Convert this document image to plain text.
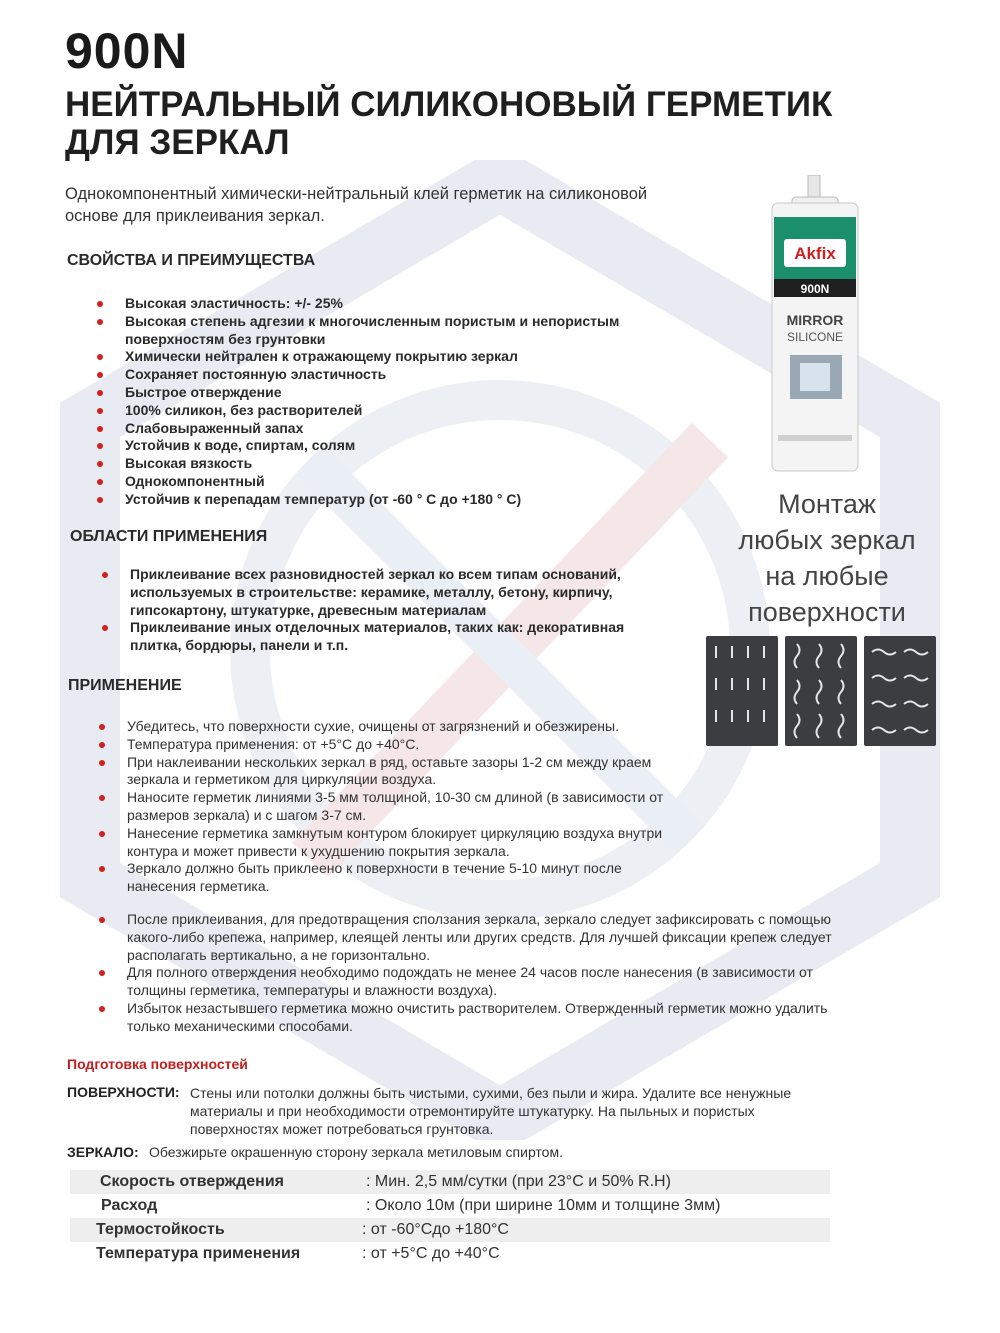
900N
НЕЙТРАЛЬНЫЙ СИЛИКОНОВЫЙ ГЕРМЕТИК
ДЛЯ ЗЕРКАЛ
Однокомпонентный химически-нейтральный клей герметик на силиконовой
основе для приклеивания зеркал.
СВОЙСТВА И ПРЕИМУЩЕСТВА
Высокая эластичность: +/- 25%
Высокая степень адгезии к многочисленным пористым и непористым поверхностям без грунтовки
Химически нейтрален к отражающему покрытию зеркал
Сохраняет постоянную эластичность
Быстрое отверждение
100% силикон, без растворителей
Слабовыраженный запах
Устойчив к воде, спиртам, солям
Высокая вязкость
Однокомпонентный
Устойчив к перепадам температур (от -60 ° C до +180 ° C)
ОБЛАСТИ ПРИМЕНЕНИЯ
Приклеивание всех разновидностей зеркал ко всем типам оснований, используемых в строительстве: керамике, металлу, бетону, кирпичу, гипсокартону, штукатурке, древесным материалам
Приклеивание иных отделочных материалов, таких как: декоративная плитка, бордюры, панели и т.п.
ПРИМЕНЕНИЕ
Убедитесь, что поверхности сухие, очищены от загрязнений и обезжирены.
Температура применения: от +5°C до +40°C.
При наклеивании нескольких зеркал в ряд, оставьте зазоры 1-2 см между краем зеркала и герметиком для циркуляции воздуха.
Наносите герметик линиями 3-5 мм толщиной, 10-30 см длиной (в зависимости от размеров зеркала) и с шагом 3-7 см.
Нанесение герметика замкнутым контуром блокирует циркуляцию воздуха внутри контура и может привести к ухудшению покрытия зеркала.
Зеркало должно быть приклеено к поверхности в течение 5-10 минут после нанесения герметика.
После приклеивания, для предотвращения сползания зеркала, зеркало следует зафиксировать с помощью какого-либо крепежа, например, клеящей ленты или других средств. Для лучшей фиксации крепеж следует располагать вертикально, а не горизонтально.
Для полного отверждения необходимо подождать не менее 24 часов после нанесения (в зависимости от толщины герметика, температуры и влажности воздуха).
Избыток незастывшего герметика можно очистить растворителем. Отвержденный герметик можно удалить только механическими способами.
Подготовка поверхностей
ПОВЕРХНОСТИ: Стены или потолки должны быть чистыми, сухими, без пыли и жира. Удалите все ненужные материалы и при необходимости отремонтируйте штукатурку. На пыльных и пористых поверхностях может потребоваться грунтовка.
ЗЕРКАЛО: Обезжирьте окрашенную сторону зеркала метиловым спиртом.
Скорость отверждения	: Мин. 2,5 мм/сутки (при 23°C и 50% R.H)
Расход	: Около 10м (при ширине 10мм и толщине 3мм)
Термостойкость	: от -60°Cдо +180°C
Температура применения	: от +5°C до +40°C
Akfix
900N
MIRROR
SILICONE
Монтаж
любых зеркал
на любые
поверхности
